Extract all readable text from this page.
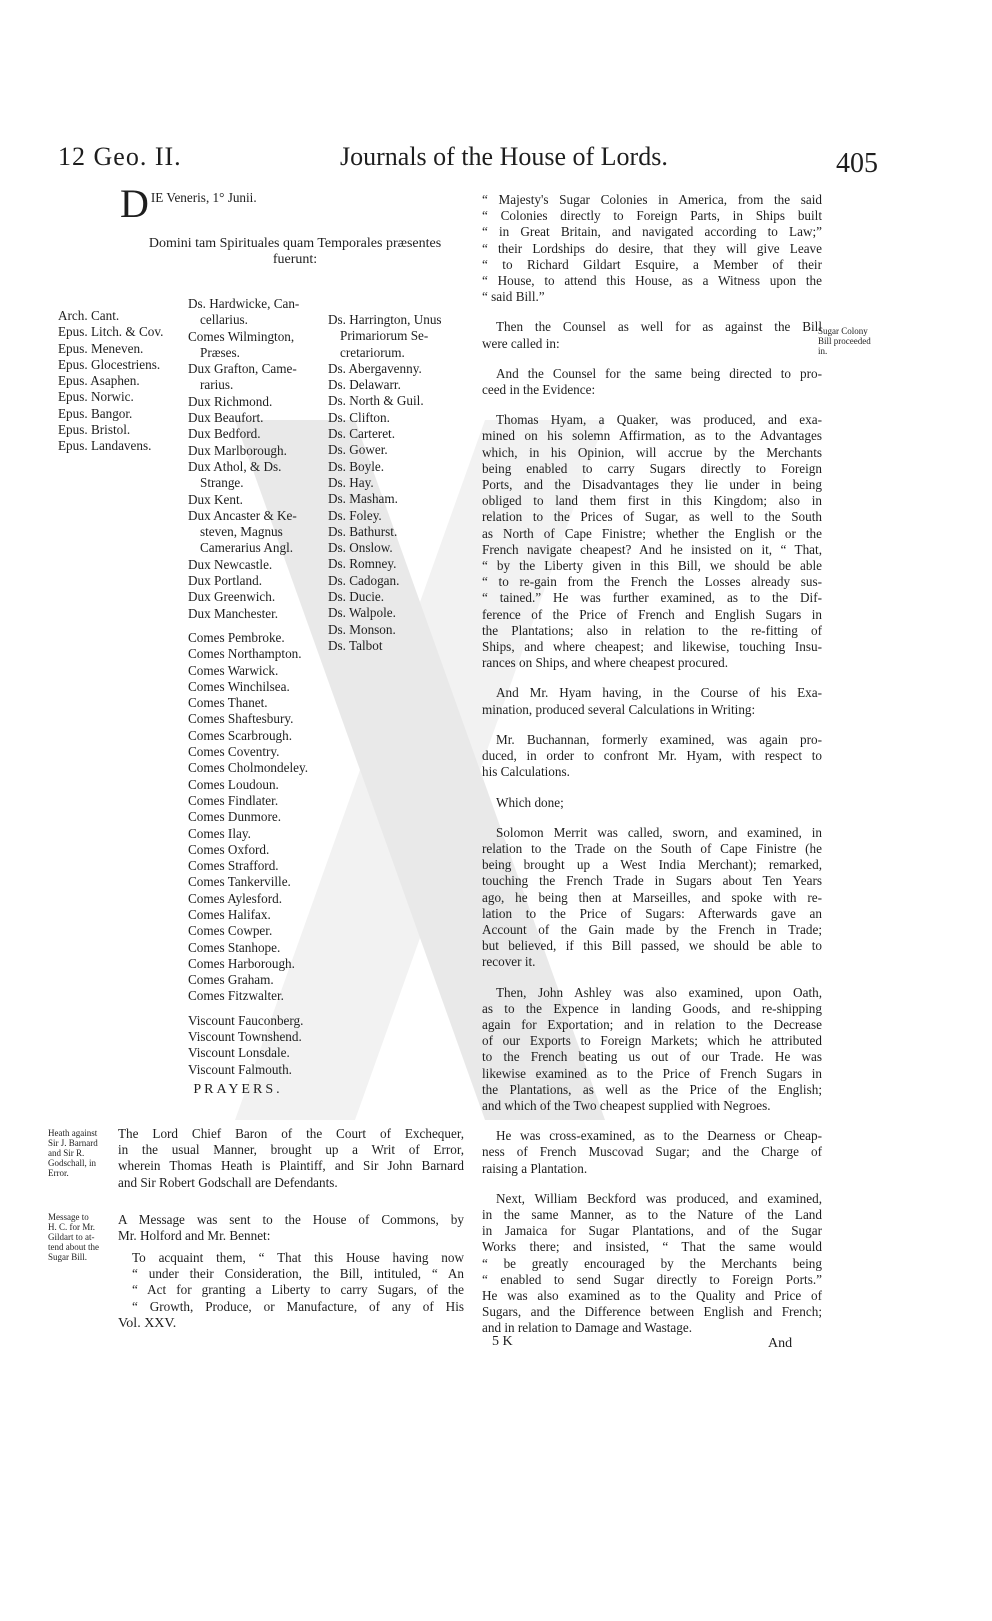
12 Geo. II.	Journals of the House of Lords.	405
D IE Veneris, 1° Junii.
Domini tam Spirituales quam Temporales præsentes
fuerunt:
Arch. Cant.
Epus. Litch. & Cov.
Epus. Meneven.
Epus. Glocestriens.
Epus. Asaphen.
Epus. Norwic.
Epus. Bangor.
Epus. Bristol.
Epus. Landavens.
Ds. Hardwicke, Can-
cellarius.
Comes Wilmington,
Præses.
Dux Grafton, Came-
rarius.
Dux Richmond.
Dux Beaufort.
Dux Bedford.
Dux Marlborough.
Dux Athol, & Ds.
Strange.
Dux Kent.
Dux Ancaster & Ke-
steven, Magnus
Camerarius Angl.
Dux Newcastle.
Dux Portland.
Dux Greenwich.
Dux Manchester.
Comes Pembroke.
Comes Northampton.
Comes Warwick.
Comes Winchilsea.
Comes Thanet.
Comes Shaftesbury.
Comes Scarbrough.
Comes Coventry.
Comes Cholmondeley.
Comes Loudoun.
Comes Findlater.
Comes Dunmore.
Comes Ilay.
Comes Oxford.
Comes Strafford.
Comes Tankerville.
Comes Aylesford.
Comes Halifax.
Comes Cowper.
Comes Stanhope.
Comes Harborough.
Comes Graham.
Comes Fitzwalter.
Viscount Fauconberg.
Viscount Townshend.
Viscount Lonsdale.
Viscount Falmouth.
Ds. Harrington, Unus
Primariorum Se-
cretariorum.
Ds. Abergavenny.
Ds. Delawarr.
Ds. North & Guil.
Ds. Clifton.
Ds. Carteret.
Ds. Gower.
Ds. Boyle.
Ds. Hay.
Ds. Masham.
Ds. Foley.
Ds. Bathurst.
Ds. Onslow.
Ds. Romney.
Ds. Cadogan.
Ds. Ducie.
Ds. Walpole.
Ds. Monson.
Ds. Talbot
PRAYERS.
Heath against
Sir J. Barnard
and Sir R.
Godschall, in
Error.
Message to
H. C. for Mr.
Gildart to at-
tend about the
Sugar Bill.
Sugar Colony
Bill proceeded
in.

The Lord Chief Baron of the Court of Exchequer,
in the usual Manner, brought up a Writ of Error,
wherein Thomas Heath is Plaintiff, and Sir John Barnard
and Sir Robert Godschall are Defendants.

A Message was sent to the House of Commons, by
Mr. Holford and Mr. Bennet:

To acquaint them, “ That this House having now
“ under their Consideration, the Bill, intituled, “ An
“ Act for granting a Liberty to carry Sugars, of the
“ Growth, Produce, or Manufacture, of any of His

Vol. XXV.

“ Majesty's Sugar Colonies in America, from the said
“ Colonies directly to Foreign Parts, in Ships built
“ in Great Britain, and navigated according to Law;”
“ their Lordships do desire, that they will give Leave
“ to Richard Gildart Esquire, a Member of their
“ House, to attend this House, as a Witness upon the
“ said Bill.”

Then the Counsel as well for as against the Bill
were called in:

And the Counsel for the same being directed to pro-
ceed in the Evidence:

Thomas Hyam, a Quaker, was produced, and exa-
mined on his solemn Affirmation, as to the Advantages
which, in his Opinion, will accrue by the Merchants
being enabled to carry Sugars directly to Foreign
Ports, and the Disadvantages they lie under in being
obliged to land them first in this Kingdom; also in
relation to the Prices of Sugar, as well to the South
as North of Cape Finistre; whether the English or the
French navigate cheapest? And he insisted on it, “ That,
“ by the Liberty given in this Bill, we should be able
“ to re-gain from the French the Losses already sus-
“ tained.” He was further examined, as to the Dif-
ference of the Price of French and English Sugars in
the Plantations; also in relation to the re-fitting of
Ships, and where cheapest; and likewise, touching Insu-
rances on Ships, and where cheapest procured.

And Mr. Hyam having, in the Course of his Exa-
mination, produced several Calculations in Writing:

Mr. Buchannan, formerly examined, was again pro-
duced, in order to confront Mr. Hyam, with respect to
his Calculations.

Which done;

Solomon Merrit was called, sworn, and examined, in
relation to the Trade on the South of Cape Finistre (he
being brought up a West India Merchant); remarked,
touching the French Trade in Sugars about Ten Years
ago, he being then at Marseilles, and spoke with re-
lation to the Price of Sugars: Afterwards gave an
Account of the Gain made by the French in Trade;
but believed, if this Bill passed, we should be able to
recover it.

Then, John Ashley was also examined, upon Oath,
as to the Expence in landing Goods, and re-shipping
again for Exportation; and in relation to the Decrease
of our Exports to Foreign Markets; which he attributed
to the French beating us out of our Trade. He was
likewise examined as to the Price of French Sugars in
the Plantations, as well as the Price of the English;
and which of the Two cheapest supplied with Negroes.

He was cross-examined, as to the Dearness or Cheap-
ness of French Muscovad Sugar; and the Charge of
raising a Plantation.

Next, William Beckford was produced, and examined,
in the same Manner, as to the Nature of the Land
in Jamaica for Sugar Plantations, and of the Sugar
Works there; and insisted, “ That the same would
“ be greatly encouraged by the Merchants being
“ enabled to send Sugar directly to Foreign Ports.”
He was also examined as to the Quality and Price of
Sugars, and the Difference between English and French;
and in relation to Damage and Wastage.

5 K	And
